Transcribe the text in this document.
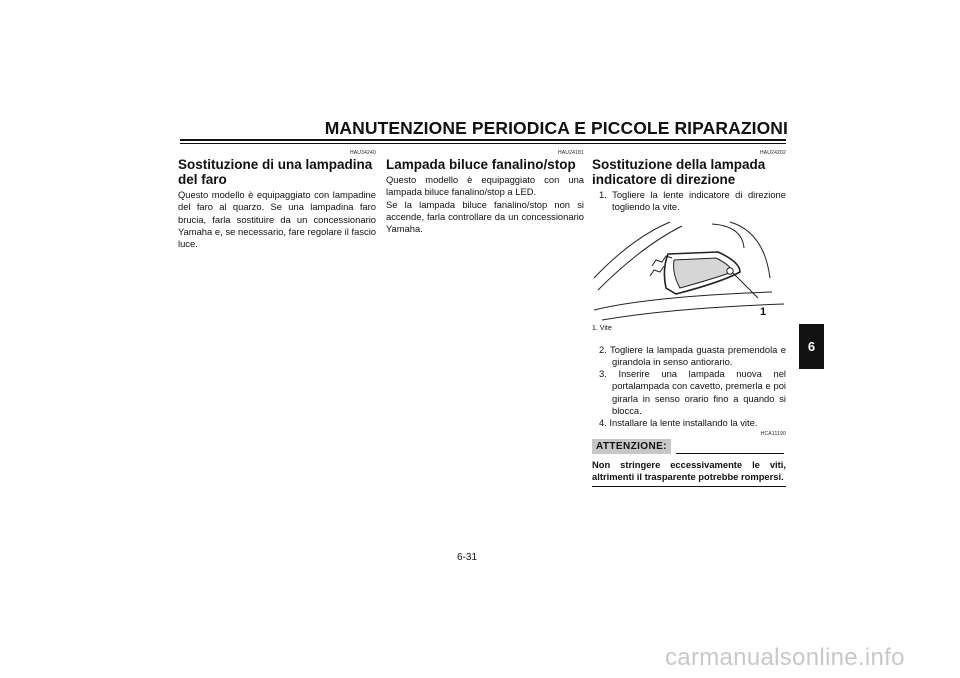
MANUTENZIONE PERIODICA E PICCOLE RIPARAZIONI
HAU34240
Sostituzione di una lampadina del faro

Questo modello è equipaggiato con lampadine del faro al quarzo. Se una lampadina faro brucia, farla sostituire da un concessionario Yamaha e, se necessario, fare regolare il fascio luce.

HAU24181
Lampada biluce fanalino/stop

Questo modello è equipaggiato con una lampada biluce fanalino/stop a LED.

Se la lampada biluce fanalino/stop non si accende, farla controllare da un concessionario Yamaha.

HAU24202
Sostituzione della lampada indicatore di direzione
1. Togliere la lente indicatore di direzione togliendo la vite.
1
1. Vite
2. Togliere la lampada guasta premendola e girandola in senso antiorario.
3. Inserire una lampada nuova nel portalampada con cavetto, premerla e poi girarla in senso orario fino a quando si blocca.
4. Installare la lente installando la vite.
HCA11190
ATTENZIONE:
Non stringere eccessivamente le viti, altrimenti il trasparente potrebbe rompersi.
6
6-31
carmanualsonline.info
